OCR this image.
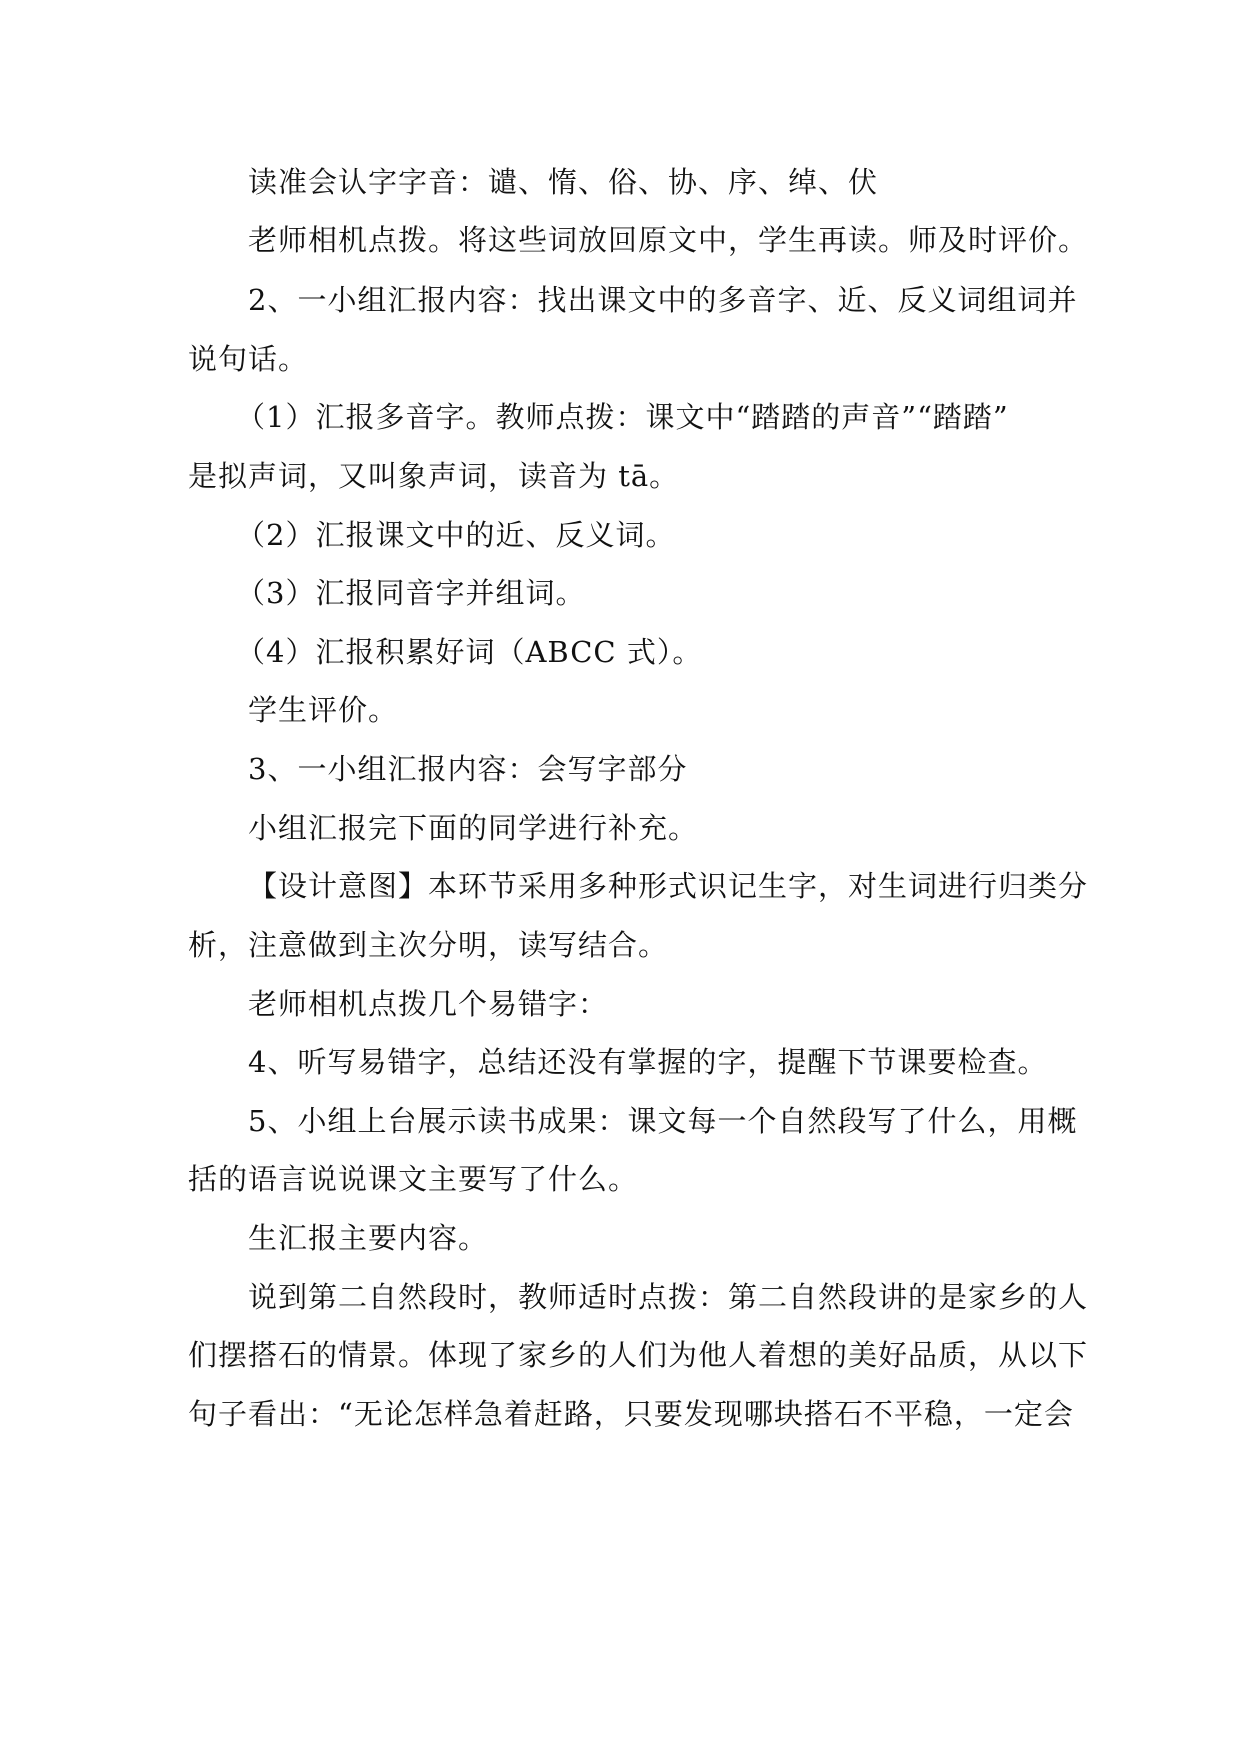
读准会认字字音：谴、惰、俗、协、序、绰、伏
老师相机点拨。将这些词放回原文中，学生再读。师及时评价。
2、一小组汇报内容：找出课文中的多音字、近、反义词组词并
说句话。
（1）汇报多音字。教师点拨：课文中“踏踏的声音”“踏踏”
是拟声词，又叫象声词，读音为 tā。
（2）汇报课文中的近、反义词。
（3）汇报同音字并组词。
（4）汇报积累好词（ABCC 式）。
学生评价。
3、一小组汇报内容：会写字部分
小组汇报完下面的同学进行补充。
【设计意图】本环节采用多种形式识记生字，对生词进行归类分
析，注意做到主次分明，读写结合。
老师相机点拨几个易错字：
4、听写易错字，总结还没有掌握的字，提醒下节课要检查。
5、小组上台展示读书成果：课文每一个自然段写了什么，用概
括的语言说说课文主要写了什么。
生汇报主要内容。
说到第二自然段时，教师适时点拨：第二自然段讲的是家乡的人
们摆搭石的情景。体现了家乡的人们为他人着想的美好品质，从以下
句子看出：“无论怎样急着赶路，只要发现哪块搭石不平稳，一定会
